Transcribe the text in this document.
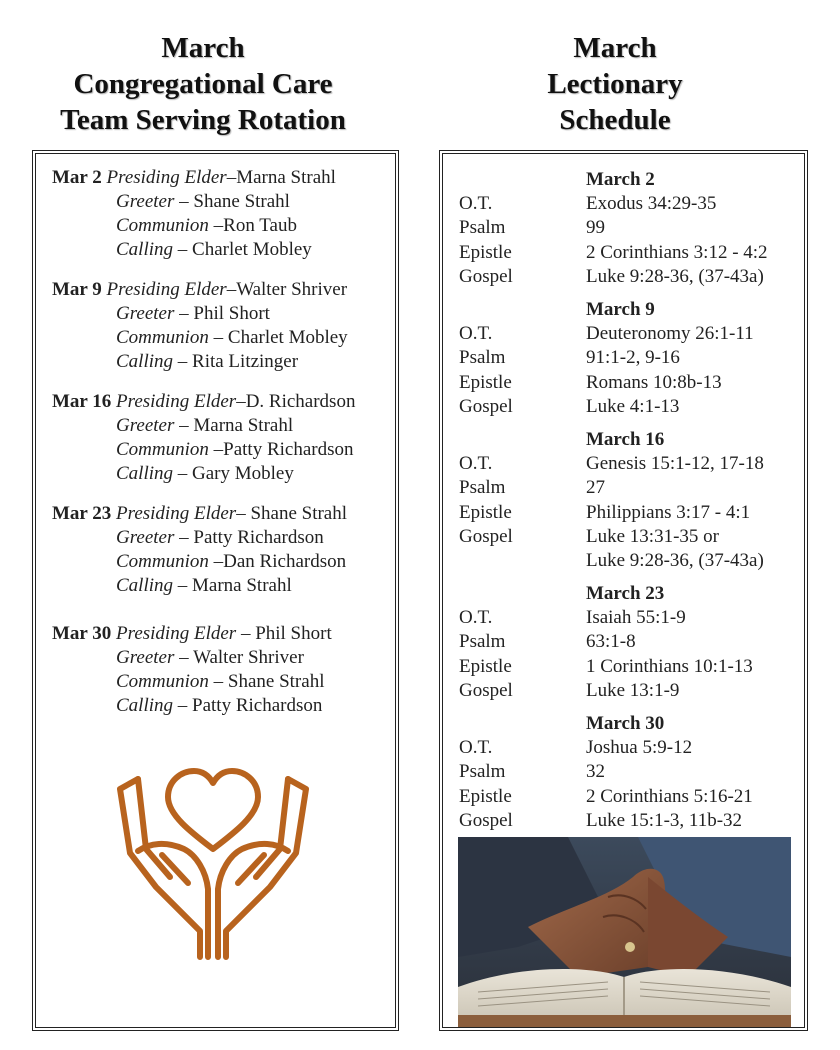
March
Congregational Care
Team Serving Rotation
March
Lectionary
Schedule
Mar 2 Presiding Elder–Marna Strahl
Greeter – Shane Strahl
Communion –Ron Taub
Calling – Charlet Mobley
Mar 9 Presiding Elder–Walter Shriver
Greeter – Phil Short
Communion – Charlet Mobley
Calling – Rita Litzinger
Mar 16 Presiding Elder–D. Richardson
Greeter – Marna Strahl
Communion –Patty Richardson
Calling – Gary Mobley
Mar 23 Presiding Elder– Shane Strahl
Greeter – Patty Richardson
Communion –Dan Richardson
Calling – Marna Strahl
Mar 30 Presiding Elder – Phil Short
Greeter – Walter Shriver
Communion – Shane Strahl
Calling – Patty Richardson
March 2
O.T.	Exodus 34:29-35
Psalm	99
Epistle	2 Corinthians 3:12 - 4:2
Gospel	Luke 9:28-36, (37-43a)
March 9
O.T.	Deuteronomy 26:1-11
Psalm	91:1-2, 9-16
Epistle	Romans 10:8b-13
Gospel	Luke 4:1-13
March 16
O.T.	Genesis 15:1-12, 17-18
Psalm	27
Epistle	Philippians 3:17 - 4:1
Gospel	Luke 13:31-35 or
Luke 9:28-36, (37-43a)
March 23
O.T.	Isaiah 55:1-9
Psalm	63:1-8
Epistle	1 Corinthians 10:1-13
Gospel	Luke 13:1-9
March 30
O.T.	Joshua 5:9-12
Psalm	32
Epistle	2 Corinthians 5:16-21
Gospel	Luke 15:1-3, 11b-32
